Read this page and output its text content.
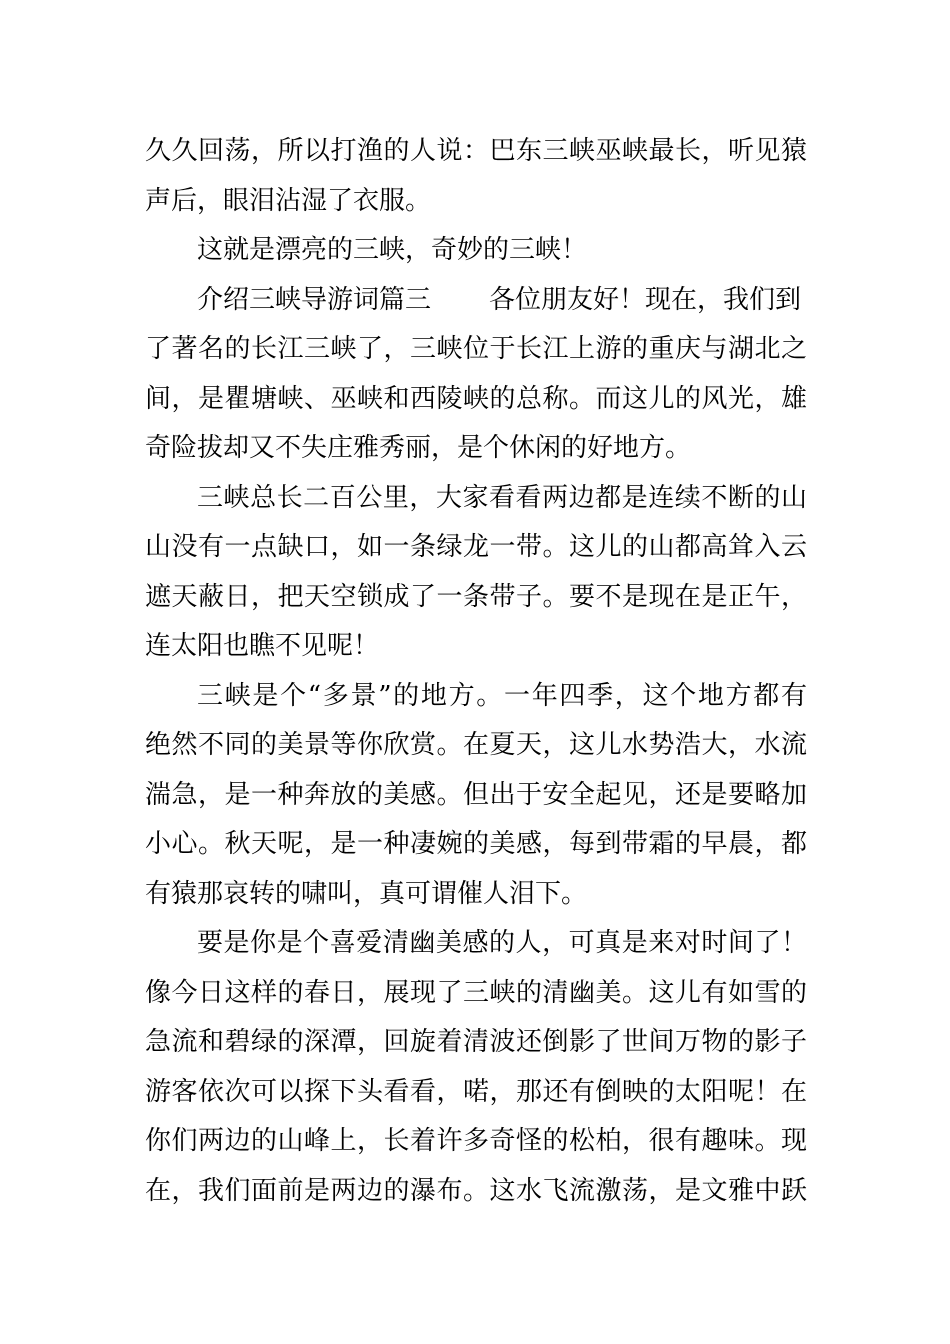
久久回荡，所以打渔的人说：巴东三峡巫峡最长，听见猿
声后，眼泪沾湿了衣服。
这就是漂亮的三峡，奇妙的三峡！
介绍三峡导游词篇三 各位朋友好！现在，我们到
了著名的长江三峡了，三峡位于长江上游的重庆与湖北之
间，是瞿塘峡、巫峡和西陵峡的总称。而这儿的风光，雄
奇险拔却又不失庄雅秀丽，是个休闲的好地方。
三峡总长二百公里，大家看看两边都是连续不断的山
山没有一点缺口，如一条绿龙一带。这儿的山都高耸入云
遮天蔽日，把天空锁成了一条带子。要不是现在是正午，
连太阳也瞧不见呢！
三峡是个“多景”的地方。一年四季，这个地方都有
绝然不同的美景等你欣赏。在夏天，这儿水势浩大，水流
湍急，是一种奔放的美感。但出于安全起见，还是要略加
小心。秋天呢，是一种凄婉的美感，每到带霜的早晨，都
有猿那哀转的啸叫，真可谓催人泪下。
要是你是个喜爱清幽美感的人，可真是来对时间了！
像今日这样的春日，展现了三峡的清幽美。这儿有如雪的
急流和碧绿的深潭，回旋着清波还倒影了世间万物的影子
游客依次可以探下头看看，喏，那还有倒映的太阳呢！在
你们两边的山峰上，长着许多奇怪的松柏，很有趣味。现
在，我们面前是两边的瀑布。这水飞流激荡，是文雅中跃
